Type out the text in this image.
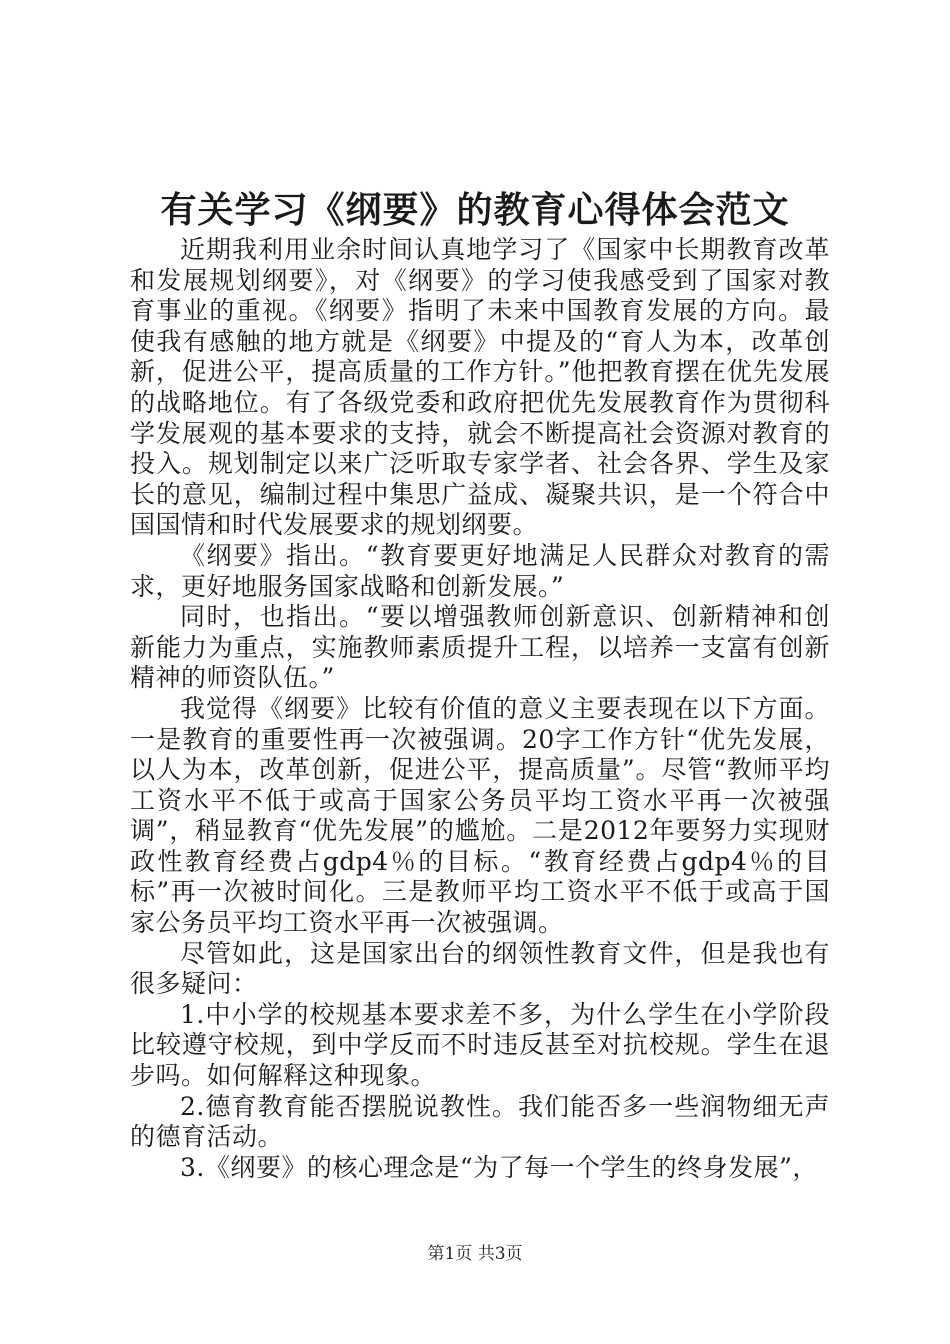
有关学习《纲要》的教育心得体会范文

近期我利用业余时间认真地学习了《国家中长期教育改革和发展规划纲要》，对《纲要》的学习使我感受到了国家对教育事业的重视。《纲要》指明了未来中国教育发展的方向。最使我有感触的地方就是《纲要》中提及的“育人为本，改革创新，促进公平，提高质量的工作方针。”他把教育摆在优先发展的战略地位。有了各级党委和政府把优先发展教育作为贯彻科学发展观的基本要求的支持，就会不断提高社会资源对教育的投入。规划制定以来广泛听取专家学者、社会各界、学生及家长的意见，编制过程中集思广益成、凝聚共识，是一个符合中国国情和时代发展要求的规划纲要。

《纲要》指出。“教育要更好地满足人民群众对教育的需求，更好地服务国家战略和创新发展。”

同时，也指出。“要以增强教师创新意识、创新精神和创新能力为重点，实施教师素质提升工程，以培养一支富有创新精神的师资队伍。”

我觉得《纲要》比较有价值的意义主要表现在以下方面。一是教育的重要性再一次被强调。20字工作方针“优先发展，以人为本，改革创新，促进公平，提高质量”。尽管“教师平均工资水平不低于或高于国家公务员平均工资水平再一次被强调”，稍显教育“优先发展”的尴尬。二是2012年要努力实现财政性教育经费占gdp4％的目标。“教育经费占gdp4％的目标”再一次被时间化。三是教师平均工资水平不低于或高于国家公务员平均工资水平再一次被强调。

尽管如此，这是国家出台的纲领性教育文件，但是我也有很多疑问：

1.中小学的校规基本要求差不多，为什么学生在小学阶段比较遵守校规，到中学反而不时违反甚至对抗校规。学生在退步吗。如何解释这种现象。

2.德育教育能否摆脱说教性。我们能否多一些润物细无声的德育活动。

3.《纲要》的核心理念是“为了每一个学生的终身发展”，

第1页 共3页
